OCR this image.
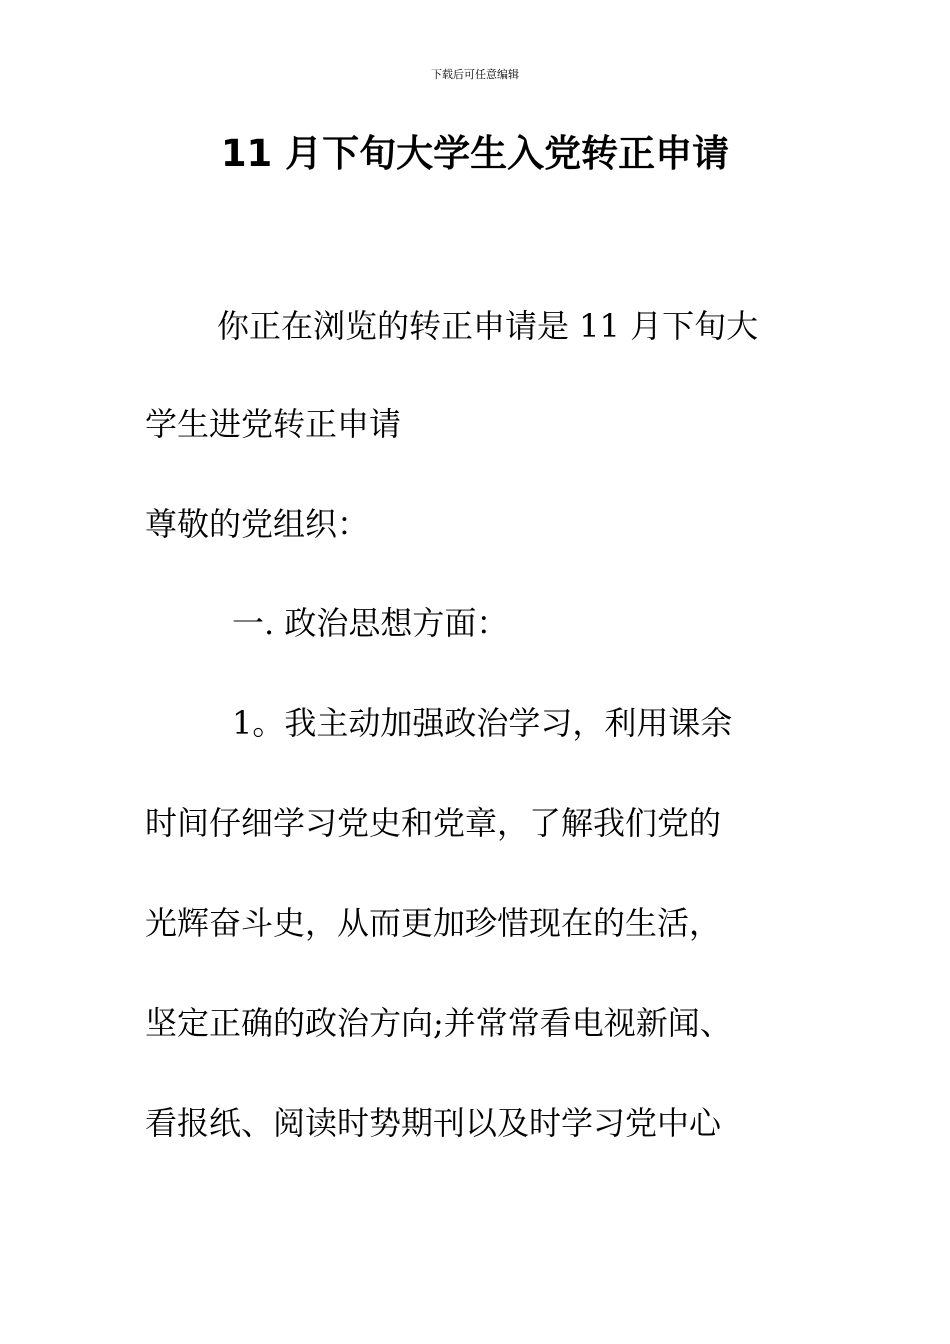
下载后可任意编辑
11 月下旬大学生入党转正申请

你正在浏览的转正申请是 11 月下旬大

学生进党转正申请

尊敬的党组织：

一. 政治思想方面：

1。我主动加强政治学习，利用课余

时间仔细学习党史和党章，了解我们党的

光辉奋斗史，从而更加珍惜现在的生活，

坚定正确的政治方向;并常常看电视新闻、

看报纸、阅读时势期刊以及时学习党中心
